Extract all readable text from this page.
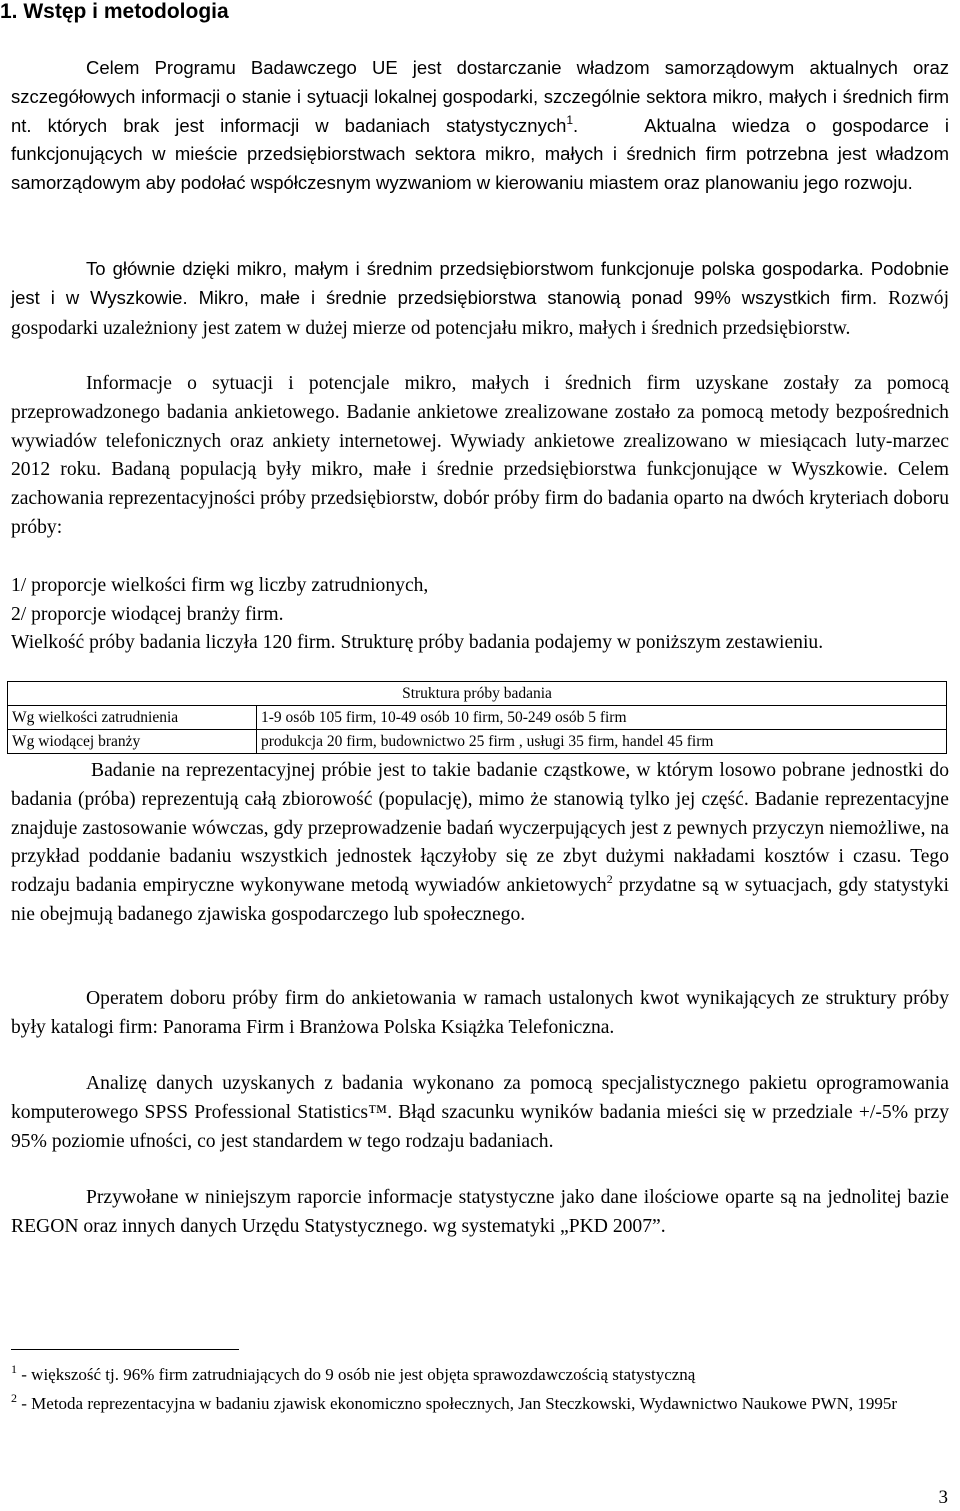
1. Wstęp i metodologia

Celem Programu Badawczego UE jest dostarczanie władzom samorządowym aktualnych oraz szczegółowych informacji o stanie i sytuacji lokalnej gospodarki, szczególnie sektora mikro, małych i średnich firm nt. których brak jest informacji w badaniach statystycznych$^1$.	Aktualna wiedza o gospodarce i funkcjonujących w mieście przedsiębiorstwach sektora mikro, małych i średnich firm potrzebna jest władzom samorządowym aby podołać współczesnym wyzwaniom w kierowaniu miastem oraz planowaniu jego rozwoju.

To głównie dzięki mikro, małym i średnim przedsiębiorstwom funkcjonuje polska gospodarka. Podobnie jest i w Wyszkowie. Mikro, małe i średnie przedsiębiorstwa stanowią ponad 99% wszystkich firm. Rozwój gospodarki uzależniony jest zatem w dużej mierze od potencjału mikro, małych i średnich przedsiębiorstw.

Informacje o sytuacji i potencjale mikro, małych i średnich firm uzyskane zostały za pomocą przeprowadzonego badania ankietowego. Badanie ankietowe zrealizowane zostało za pomocą metody bezpośrednich wywiadów telefonicznych oraz ankiety internetowej. Wywiady ankietowe zrealizowano w miesiącach luty-marzec 2012 roku. Badaną populacją były mikro, małe i średnie przedsiębiorstwa funkcjonujące w Wyszkowie. Celem zachowania reprezentacyjności próby przedsiębiorstw, dobór próby firm do badania oparto na dwóch kryteriach doboru próby:

1/ proporcje wielkości firm wg liczby zatrudnionych,
2/ proporcje wiodącej branży firm.

Wielkość próby badania liczyła 120 firm. Strukturę próby badania podajemy w poniższym zestawieniu.

Struktura próby badania	
Wg wielkości zatrudnienia	1-9 osób 105 firm, 10-49 osób 10 firm, 50-249 osób 5 firm
Wg wiodącej branży	produkcja 20 firm, budownictwo 25 firm , usługi 35 firm, handel 45 firm

Badanie na reprezentacyjnej próbie jest to takie badanie cząstkowe, w którym losowo pobrane jednostki do badania (próba) reprezentują całą zbiorowość (populację), mimo że stanowią tylko jej część. Badanie reprezentacyjne znajduje zastosowanie wówczas, gdy przeprowadzenie badań wyczerpujących jest z pewnych przyczyn niemożliwe, na przykład poddanie badaniu wszystkich jednostek łączyłoby się ze zbyt dużymi nakładami kosztów i czasu. Tego rodzaju badania empiryczne wykonywane metodą wywiadów ankietowych$^2$ przydatne są w sytuacjach, gdy statystyki nie obejmują badanego zjawiska gospodarczego lub społecznego.

Operatem doboru próby firm do ankietowania w ramach ustalonych kwot wynikających ze struktury próby były katalogi firm: Panorama Firm i Branżowa Polska Książka Telefoniczna.

Analizę danych uzyskanych z badania wykonano za pomocą specjalistycznego pakietu oprogramowania komputerowego SPSS Professional Statistics™. Błąd szacunku wyników badania mieści się w przedziale +/-5% przy 95% poziomie ufności, co jest standardem w tego rodzaju badaniach.

Przywołane w niniejszym raporcie informacje statystyczne jako dane ilościowe oparte są na jednolitej bazie REGON oraz innych danych Urzędu Statystycznego. wg systematyki „PKD 2007”.

$^1$ - większość tj. 96% firm zatrudniających do 9 osób nie jest objęta sprawozdawczością statystyczną
$^2$ - Metoda reprezentacyjna w badaniu zjawisk ekonomiczno społecznych, Jan Steczkowski, Wydawnictwo Naukowe PWN, 1995r
3
